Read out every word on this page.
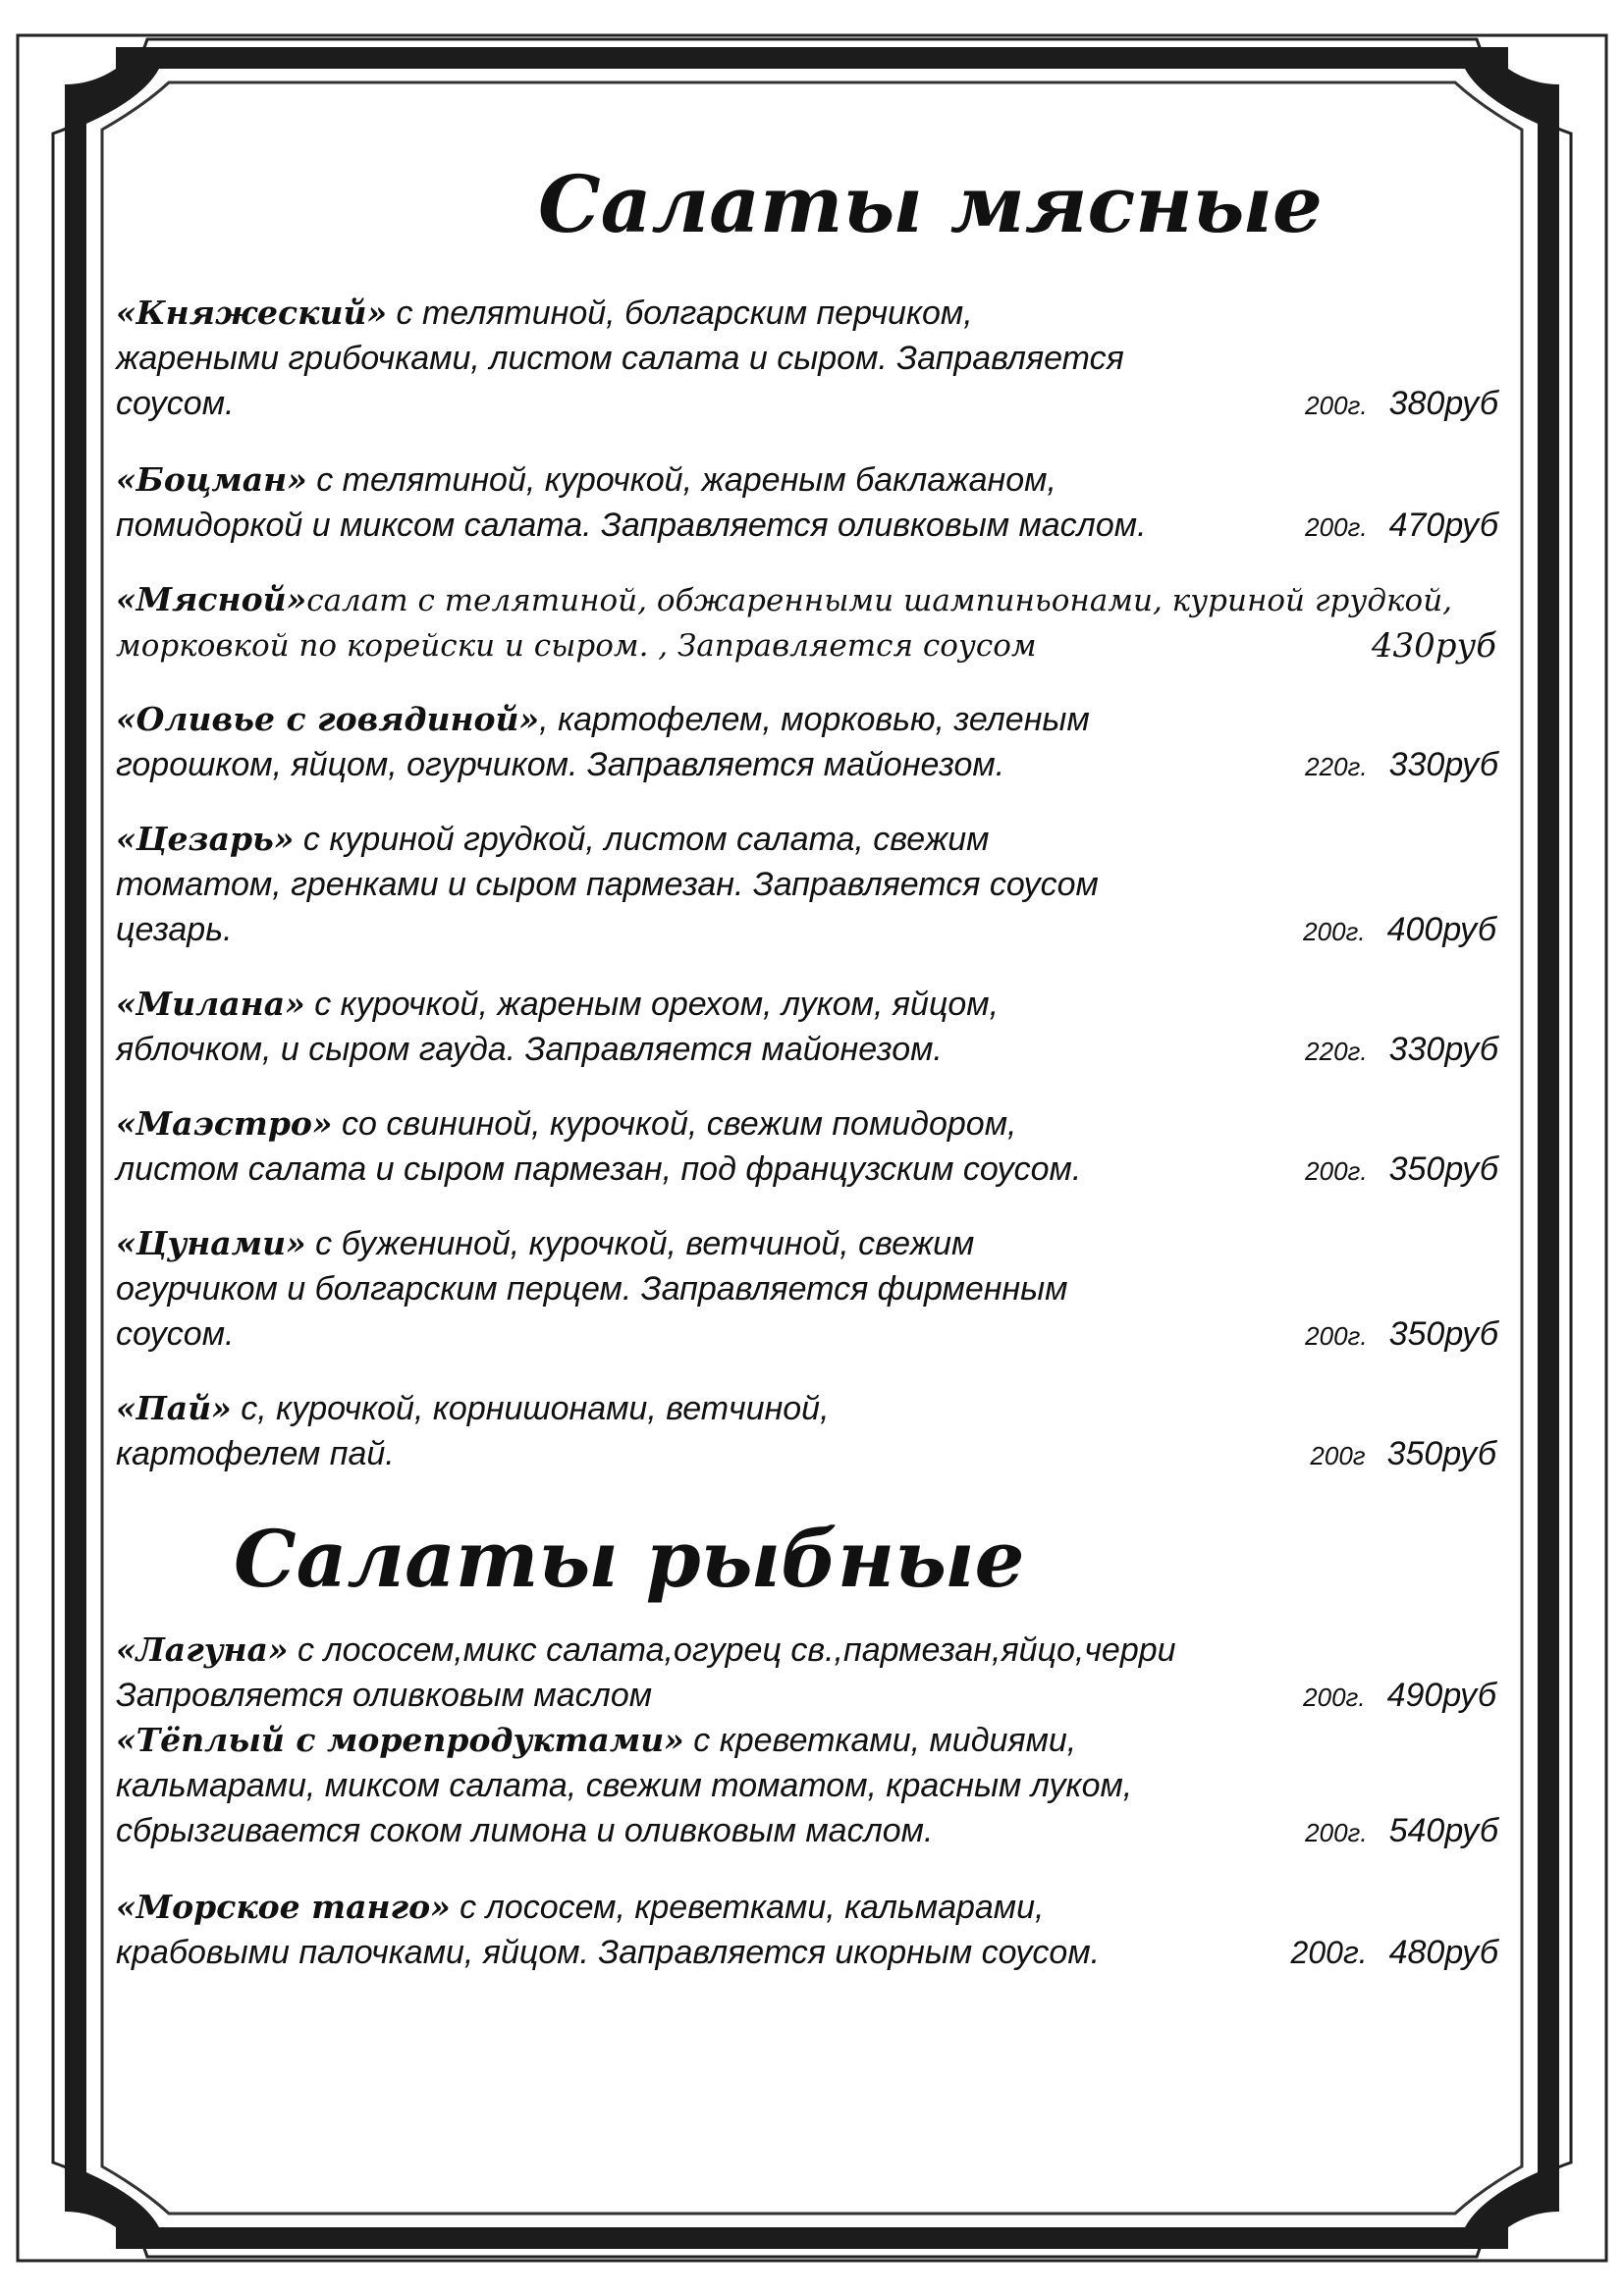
Салаты мясные
«Княжеский» с телятиной, болгарским перчиком,
жареными грибочками, листом салата и сыром. Заправляется
соусом.	200г. 380руб
«Боцман» с телятиной, курочкой, жареным баклажаном,
помидоркой и миксом салата. Заправляется оливковым маслом.	200г. 470руб
«Мясной»салат с телятиной, обжаренными шампиньонами, куриной грудкой,
морковкой по корейски и сыром. , Заправляется соусом	430руб
«Оливье с говядиной», картофелем, морковью, зеленым
горошком, яйцом, огурчиком. Заправляется майонезом.	220г. 330руб
«Цезарь» с куриной грудкой, листом салата, свежим
томатом, гренками и сыром пармезан. Заправляется соусом
цезарь.	200г. 400руб
«Милана» с курочкой, жареным орехом, луком, яйцом,
яблочком, и сыром гауда. Заправляется майонезом.	220г. 330руб
«Маэстро» со свининой, курочкой, свежим помидором,
листом салата и сыром пармезан, под французским соусом.	200г. 350руб
«Цунами» с бужениной, курочкой, ветчиной, свежим
огурчиком и болгарским перцем. Заправляется фирменным
соусом.	200г. 350руб
«Пай» с, курочкой, корнишонами, ветчиной,
картофелем пай.	200г 350руб
Салаты рыбные
«Лагуна» с лососем,микс салата,огурец св.,пармезан,яйцо,черри
Запровляется оливковым маслом	200г. 490руб
«Тёплый с морепродуктами» с креветками, мидиями,
кальмарами, миксом салата, свежим томатом, красным луком,
сбрызгивается соком лимона и оливковым маслом.	200г. 540руб
«Морское танго» с лососем, креветками, кальмарами,
крабовыми палочками, яйцом. Заправляется икорным соусом.	200г. 480руб
